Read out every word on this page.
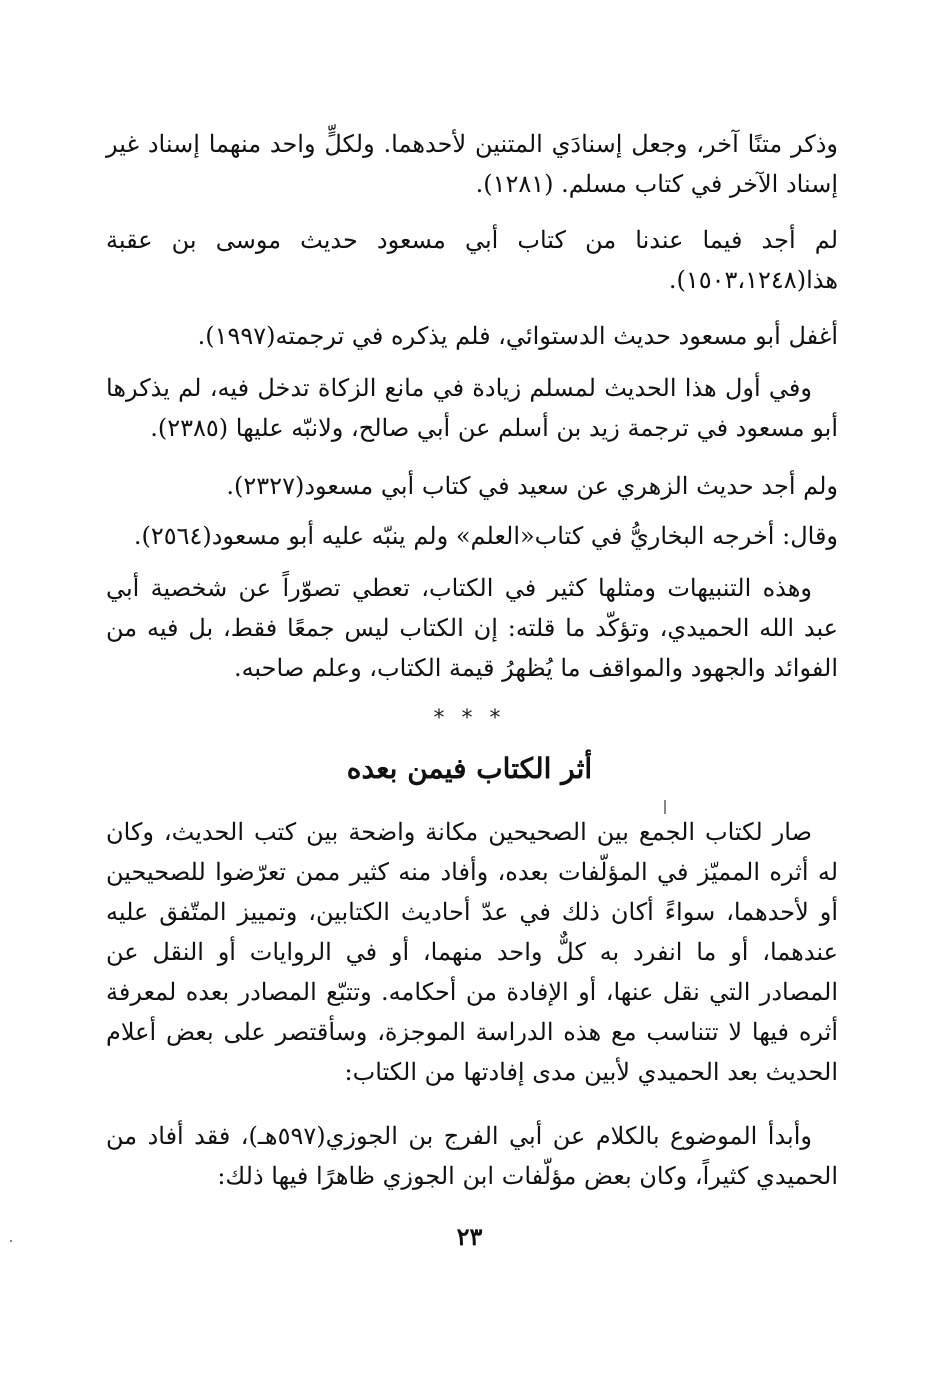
وذكر متنًا آخر، وجعل إسنادَي المتنين لأحدهما. ولكلٍّ واحد منهما إسناد غير إسناد الآخر في كتاب مسلم. (١٢٨١).

لم أجد فيما عندنا من كتاب أبي مسعود حديث موسى بن عقبة هذا(١٥٠٣،١٢٤٨).

أغفل أبو مسعود حديث الدستوائي، فلم يذكره في ترجمته(١٩٩٧).

وفي أول هذا الحديث لمسلم زيادة في مانع الزكاة تدخل فيه، لم يذكرها أبو مسعود في ترجمة زيد بن أسلم عن أبي صالح، ولانبّه عليها (٢٣٨٥).

ولم أجد حديث الزهري عن سعيد في كتاب أبي مسعود(٢٣٢٧).

وقال: أخرجه البخاريُّ في كتاب«العلم» ولم ينبّه عليه أبو مسعود(٢٥٦٤).

وهذه التنبيهات ومثلها كثير في الكتاب، تعطي تصوّراً عن شخصية أبي عبد الله الحميدي، وتؤكّد ما قلته: إن الكتاب ليس جمعًا فقط، بل فيه من الفوائد والجهود والمواقف ما يُظهرُ قيمة الكتاب، وعلم صاحبه.

* * *
أثر الكتاب فيمن بعده

صار لكتاب الجمع بين الصحيحين مكانة واضحة بين كتب الحديث، وكان له أثره المميّز في المؤلّفات بعده، وأفاد منه كثير ممن تعرّضوا للصحيحين أو لأحدهما، سواءً أكان ذلك في عدّ أحاديث الكتابين، وتمييز المتّفق عليه عندهما، أو ما انفرد به كلٌّ واحد منهما، أو في الروايات أو النقل عن المصادر التي نقل عنها، أو الإفادة من أحكامه. وتتبّع المصادر بعده لمعرفة أثره فيها لا تتناسب مع هذه الدراسة الموجزة، وسأقتصر على بعض أعلام الحديث بعد الحميدي لأبين مدى إفادتها من الكتاب:

وأبدأ الموضوع بالكلام عن أبي الفرج بن الجوزي(٥٩٧هـ)، فقد أفاد من الحميدي كثيراً، وكان بعض مؤلّفات ابن الجوزي ظاهرًا فيها ذلك:

٢٣
